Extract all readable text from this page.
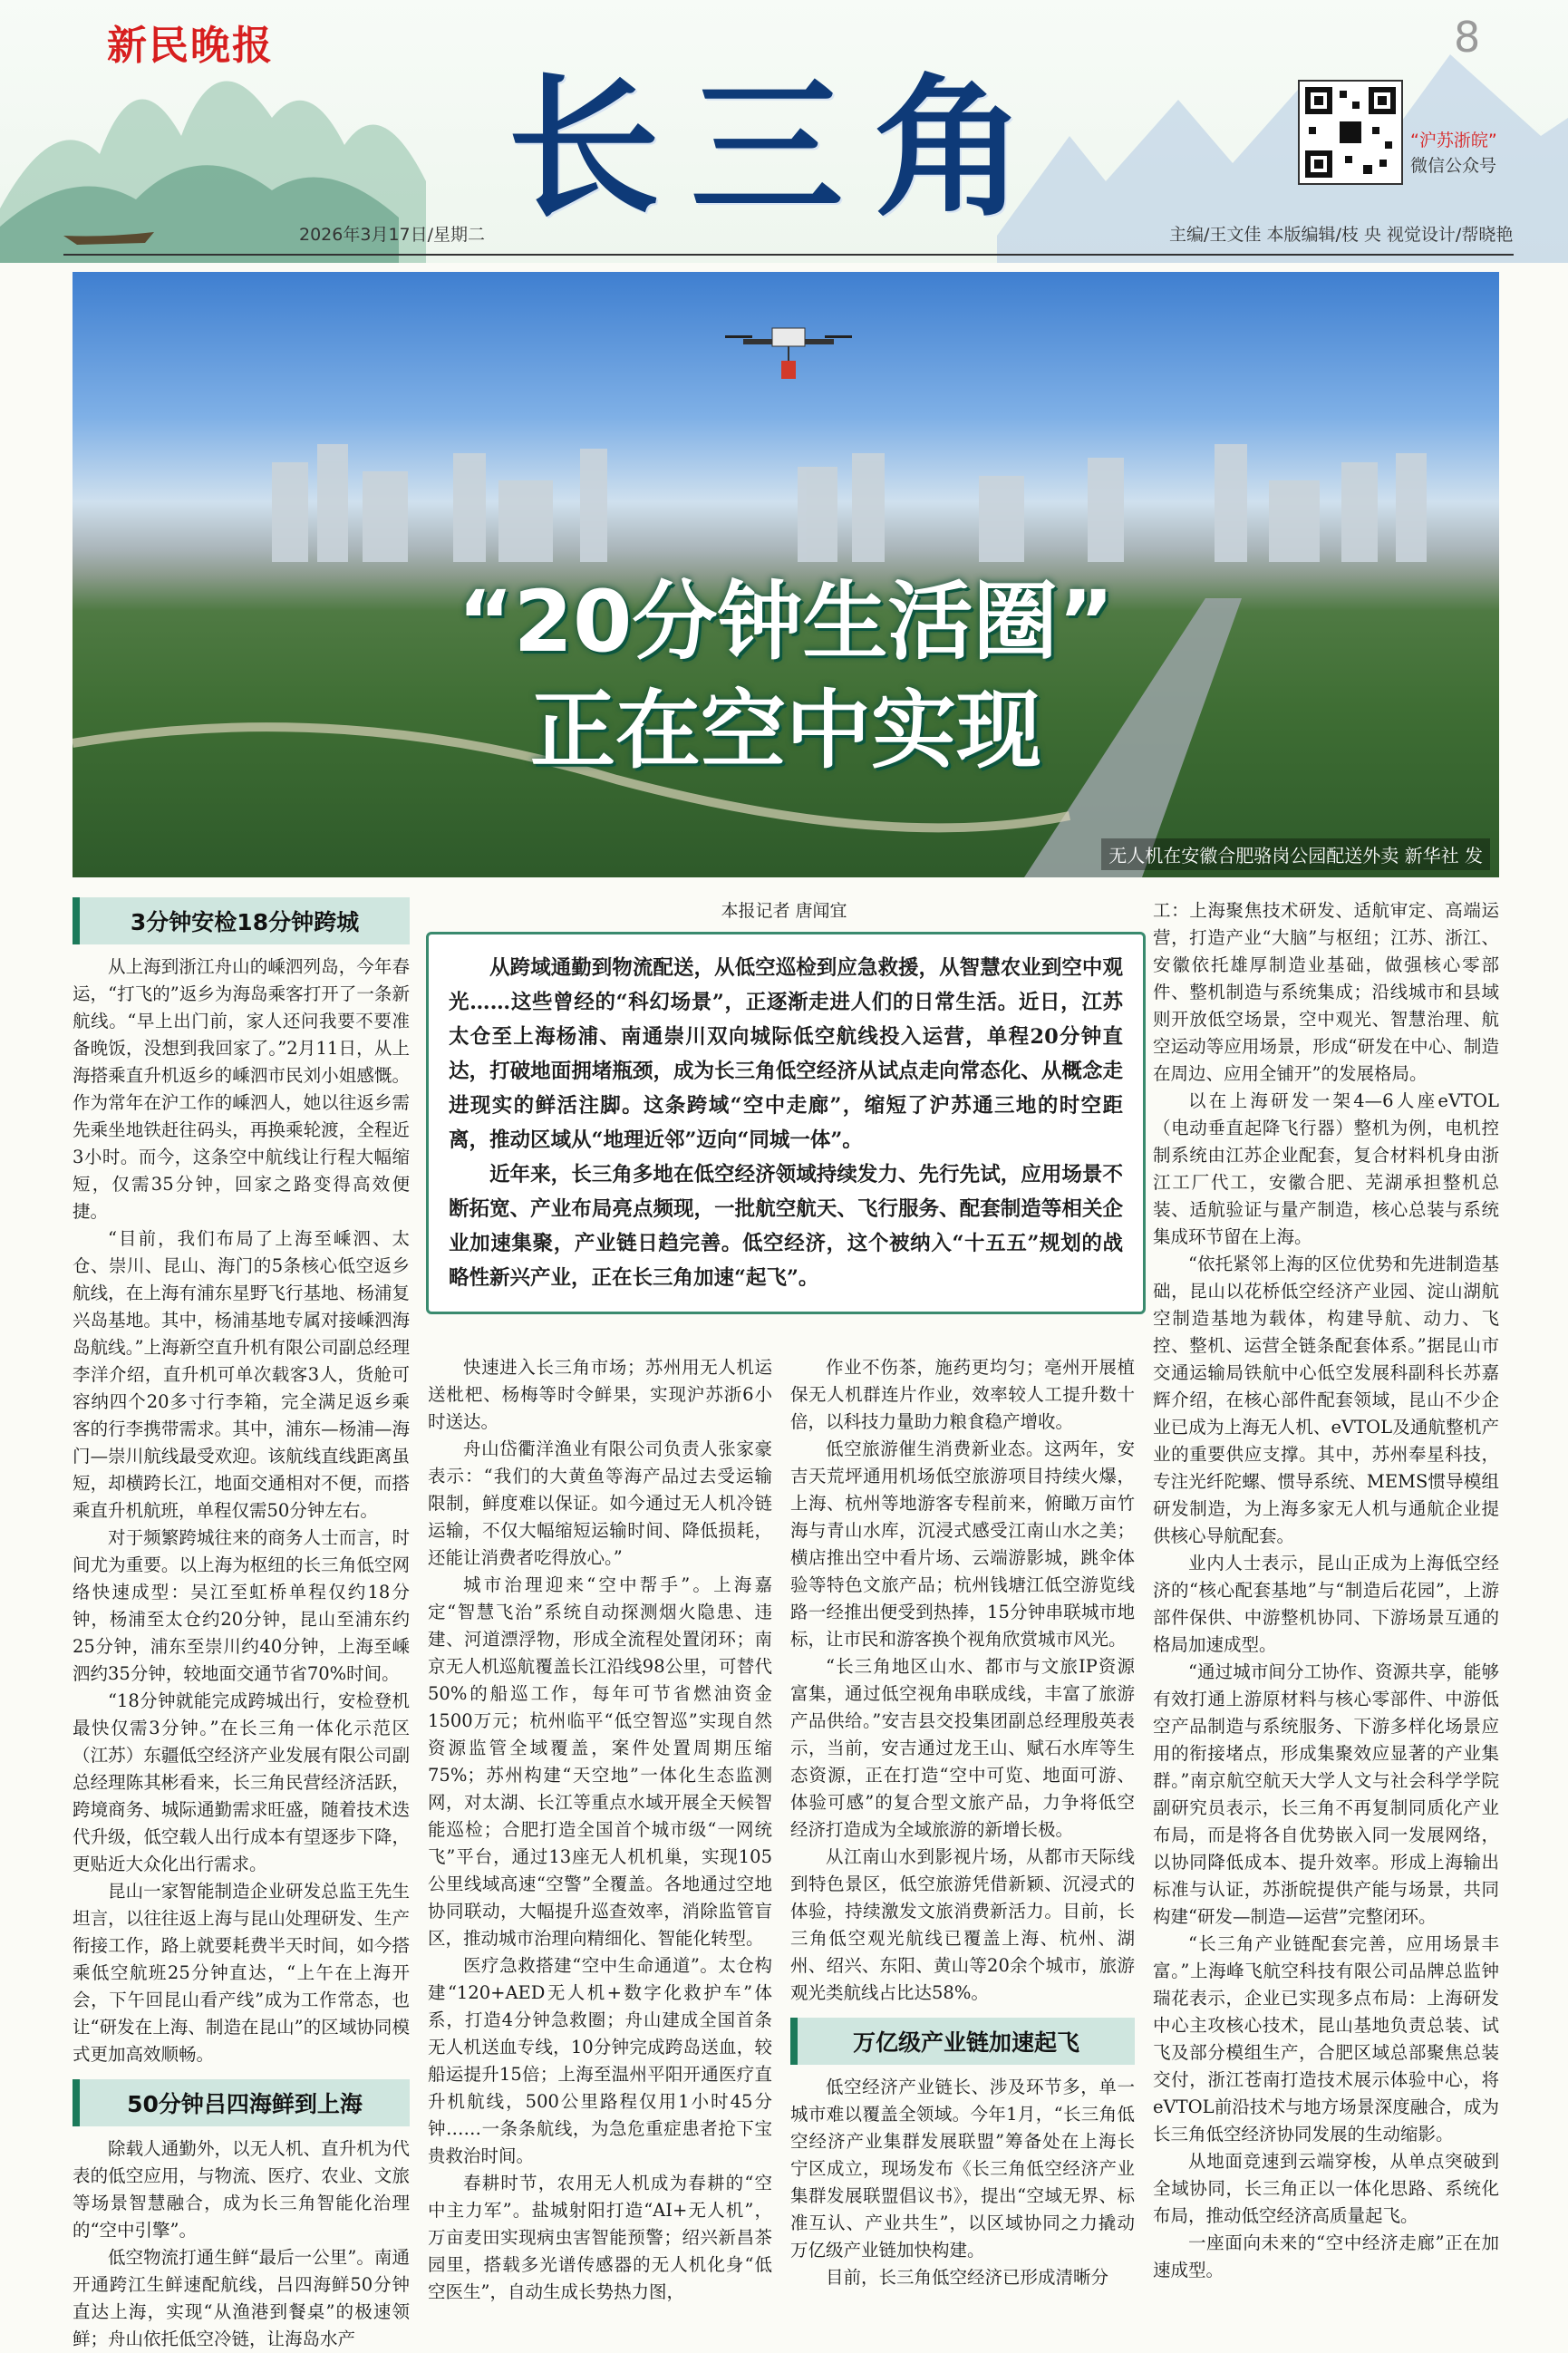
新民晚报	8
长三角	“沪苏浙皖”
微信公众号
2026年3月17日/星期二	主编/王文佳 本版编辑/枝 央 视觉设计/帮晓艳
“20分钟生活圈”
正在空中实现
无人机在安徽合肥骆岗公园配送外卖 新华社 发
3分钟安检18分钟跨城

从上海到浙江舟山的嵊泗列岛，今年春运，“打飞的”返乡为海岛乘客打开了一条新航线。“早上出门前，家人还问我要不要准备晚饭，没想到我回家了。”2月11日，从上海搭乘直升机返乡的嵊泗市民刘小姐感慨。作为常年在沪工作的嵊泗人，她以往返乡需先乘坐地铁赶往码头，再换乘轮渡，全程近3小时。而今，这条空中航线让行程大幅缩短，仅需35分钟，回家之路变得高效便捷。

“目前，我们布局了上海至嵊泗、太仓、崇川、昆山、海门的5条核心低空返乡航线，在上海有浦东星野飞行基地、杨浦复兴岛基地。其中，杨浦基地专属对接嵊泗海岛航线。”上海新空直升机有限公司副总经理李洋介绍，直升机可单次载客3人，货舱可容纳四个20多寸行李箱，完全满足返乡乘客的行李携带需求。其中，浦东—杨浦—海门—崇川航线最受欢迎。该航线直线距离虽短，却横跨长江，地面交通相对不便，而搭乘直升机航班，单程仅需50分钟左右。

对于频繁跨城往来的商务人士而言，时间尤为重要。以上海为枢纽的长三角低空网络快速成型：吴江至虹桥单程仅约18分钟，杨浦至太仓约20分钟，昆山至浦东约25分钟，浦东至崇川约40分钟，上海至嵊泗约35分钟，较地面交通节省70%时间。

“18分钟就能完成跨城出行，安检登机最快仅需3分钟。”在长三角一体化示范区（江苏）东疆低空经济产业发展有限公司副总经理陈其彬看来，长三角民营经济活跃，跨境商务、城际通勤需求旺盛，随着技术迭代升级，低空载人出行成本有望逐步下降，更贴近大众化出行需求。

昆山一家智能制造企业研发总监王先生坦言，以往往返上海与昆山处理研发、生产衔接工作，路上就要耗费半天时间，如今搭乘低空航班25分钟直达，“上午在上海开会，下午回昆山看产线”成为工作常态，也让“研发在上海、制造在昆山”的区域协同模式更加高效顺畅。

50分钟吕四海鲜到上海

除载人通勤外，以无人机、直升机为代表的低空应用，与物流、医疗、农业、文旅等场景智慧融合，成为长三角智能化治理的“空中引擎”。

低空物流打通生鲜“最后一公里”。南通开通跨江生鲜速配航线，吕四海鲜50分钟直达上海，实现“从渔港到餐桌”的极速领鲜；舟山依托低空冷链，让海岛水产

本报记者 唐闻宜

从跨域通勤到物流配送，从低空巡检到应急救援，从智慧农业到空中观光……这些曾经的“科幻场景”，正逐渐走进人们的日常生活。近日，江苏太仓至上海杨浦、南通崇川双向城际低空航线投入运营，单程20分钟直达，打破地面拥堵瓶颈，成为长三角低空经济从试点走向常态化、从概念走进现实的鲜活注脚。这条跨域“空中走廊”，缩短了沪苏通三地的时空距离，推动区域从“地理近邻”迈向“同城一体”。

近年来，长三角多地在低空经济领域持续发力、先行先试，应用场景不断拓宽、产业布局亮点频现，一批航空航天、飞行服务、配套制造等相关企业加速集聚，产业链日趋完善。低空经济，这个被纳入“十五五”规划的战略性新兴产业，正在长三角加速“起飞”。

快速进入长三角市场；苏州用无人机运送枇杷、杨梅等时令鲜果，实现沪苏浙6小时送达。

舟山岱衢洋渔业有限公司负责人张家豪表示：“我们的大黄鱼等海产品过去受运输限制，鲜度难以保证。如今通过无人机冷链运输，不仅大幅缩短运输时间、降低损耗，还能让消费者吃得放心。”

城市治理迎来“空中帮手”。上海嘉定“智慧飞治”系统自动探测烟火隐患、违建、河道漂浮物，形成全流程处置闭环；南京无人机巡航覆盖长江沿线98公里，可替代50%的船巡工作，每年可节省燃油资金1500万元；杭州临平“低空智巡”实现自然资源监管全域覆盖，案件处置周期压缩75%；苏州构建“天空地”一体化生态监测网，对太湖、长江等重点水域开展全天候智能巡检；合肥打造全国首个城市级“一网统飞”平台，通过13座无人机机巢，实现105公里线域高速“空警”全覆盖。各地通过空地协同联动，大幅提升巡查效率，消除监管盲区，推动城市治理向精细化、智能化转型。

医疗急救搭建“空中生命通道”。太仓构建“120+AED无人机+数字化救护车”体系，打造4分钟急救圈；舟山建成全国首条无人机送血专线，10分钟完成跨岛送血，较船运提升15倍；上海至温州平阳开通医疗直升机航线，500公里路程仅用1小时45分钟……一条条航线，为急危重症患者抢下宝贵救治时间。

春耕时节，农用无人机成为春耕的“空中主力军”。盐城射阳打造“AI+无人机”，万亩麦田实现病虫害智能预警；绍兴新昌茶园里，搭载多光谱传感器的无人机化身“低空医生”，自动生成长势热力图，

作业不伤茶，施药更均匀；亳州开展植保无人机群连片作业，效率较人工提升数十倍，以科技力量助力粮食稳产增收。

低空旅游催生消费新业态。这两年，安吉天荒坪通用机场低空旅游项目持续火爆，上海、杭州等地游客专程前来，俯瞰万亩竹海与青山水库，沉浸式感受江南山水之美；横店推出空中看片场、云端游影城，跳伞体验等特色文旅产品；杭州钱塘江低空游览线路一经推出便受到热捧，15分钟串联城市地标，让市民和游客换个视角欣赏城市风光。

“长三角地区山水、都市与文旅IP资源富集，通过低空视角串联成线，丰富了旅游产品供给。”安吉县交投集团副总经理殷英表示，当前，安吉通过龙王山、赋石水库等生态资源，正在打造“空中可览、地面可游、体验可感”的复合型文旅产品，力争将低空经济打造成为全域旅游的新增长极。

从江南山水到影视片场，从都市天际线到特色景区，低空旅游凭借新颖、沉浸式的体验，持续激发文旅消费新活力。目前，长三角低空观光航线已覆盖上海、杭州、湖州、绍兴、东阳、黄山等20余个城市，旅游观光类航线占比达58%。

万亿级产业链加速起飞

低空经济产业链长、涉及环节多，单一城市难以覆盖全领域。今年1月，“长三角低空经济产业集群发展联盟”筹备处在上海长宁区成立，现场发布《长三角低空经济产业集群发展联盟倡议书》，提出“空域无界、标准互认、产业共生”，以区域协同之力撬动万亿级产业链加快构建。

目前，长三角低空经济已形成清晰分

工：上海聚焦技术研发、适航审定、高端运营，打造产业“大脑”与枢纽；江苏、浙江、安徽依托雄厚制造业基础，做强核心零部件、整机制造与系统集成；沿线城市和县域则开放低空场景，空中观光、智慧治理、航空运动等应用场景，形成“研发在中心、制造在周边、应用全铺开”的发展格局。

以在上海研发一架4—6人座eVTOL（电动垂直起降飞行器）整机为例，电机控制系统由江苏企业配套，复合材料机身由浙江工厂代工，安徽合肥、芜湖承担整机总装、适航验证与量产制造，核心总装与系统集成环节留在上海。

“依托紧邻上海的区位优势和先进制造基础，昆山以花桥低空经济产业园、淀山湖航空制造基地为载体，构建导航、动力、飞控、整机、运营全链条配套体系。”据昆山市交通运输局铁航中心低空发展科副科长苏嘉辉介绍，在核心部件配套领域，昆山不少企业已成为上海无人机、eVTOL及通航整机产业的重要供应支撑。其中，苏州奉星科技，专注光纤陀螺、惯导系统、MEMS惯导模组研发制造，为上海多家无人机与通航企业提供核心导航配套。

业内人士表示，昆山正成为上海低空经济的“核心配套基地”与“制造后花园”，上游部件保供、中游整机协同、下游场景互通的格局加速成型。

“通过城市间分工协作、资源共享，能够有效打通上游原材料与核心零部件、中游低空产品制造与系统服务、下游多样化场景应用的衔接堵点，形成集聚效应显著的产业集群。”南京航空航天大学人文与社会科学学院副研究员表示，长三角不再复制同质化产业布局，而是将各自优势嵌入同一发展网络，以协同降低成本、提升效率。形成上海输出标准与认证，苏浙皖提供产能与场景，共同构建“研发—制造—运营”完整闭环。

“长三角产业链配套完善，应用场景丰富。”上海峰飞航空科技有限公司品牌总监钟瑞花表示，企业已实现多点布局：上海研发中心主攻核心技术，昆山基地负责总装、试飞及部分模组生产，合肥区域总部聚焦总装交付，浙江苍南打造技术展示体验中心，将eVTOL前沿技术与地方场景深度融合，成为长三角低空经济协同发展的生动缩影。

从地面竞速到云端穿梭，从单点突破到全域协同，长三角正以一体化思路、系统化布局，推动低空经济高质量起飞。

一座面向未来的“空中经济走廊”正在加速成型。
